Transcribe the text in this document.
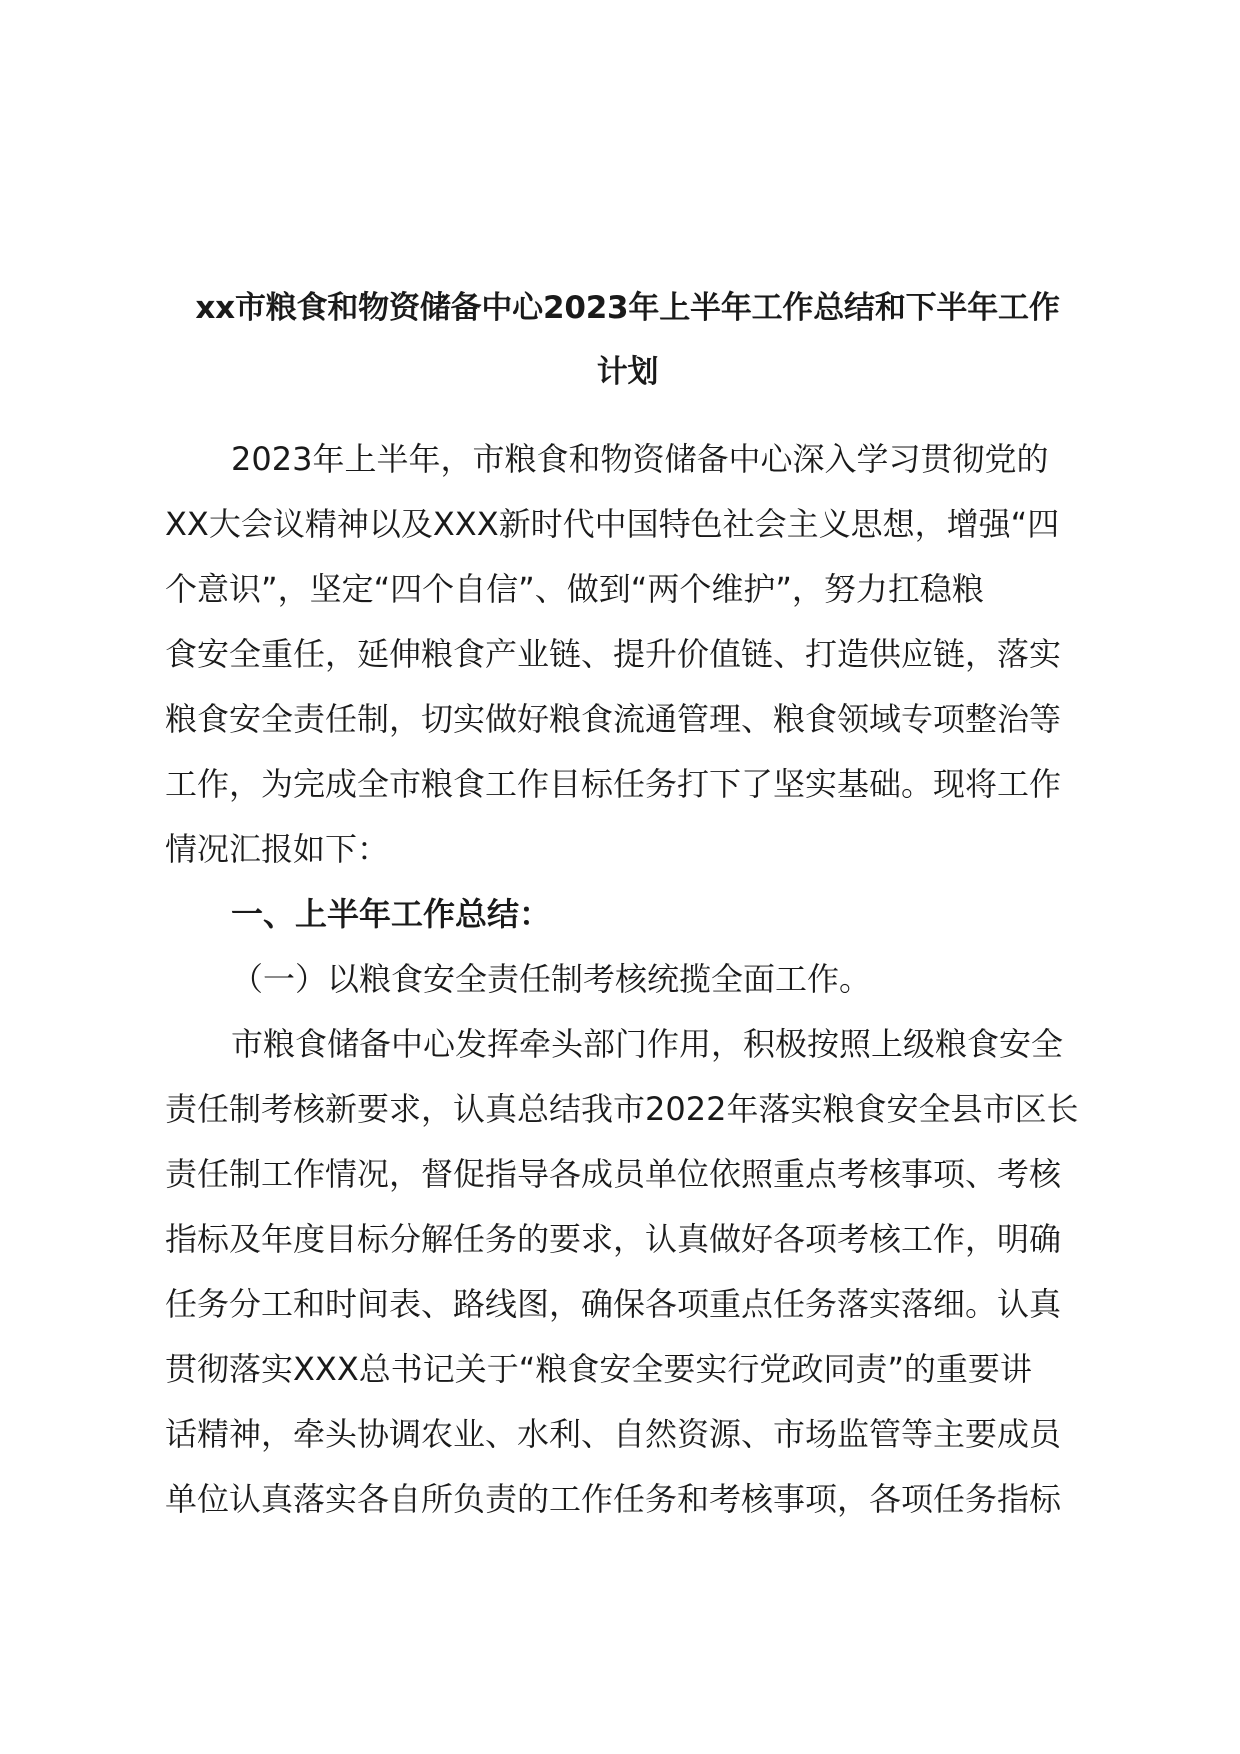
xx市粮食和物资储备中心2023年上半年工作总结和下半年工作
计划

2023年上半年，市粮食和物资储备中心深入学习贯彻党的

XX大会议精神以及XXX新时代中国特色社会主义思想，增强“四

个意识”，坚定“四个自信”、做到“两个维护”，努力扛稳粮

食安全重任，延伸粮食产业链、提升价值链、打造供应链，落实

粮食安全责任制，切实做好粮食流通管理、粮食领域专项整治等

工作，为完成全市粮食工作目标任务打下了坚实基础。现将工作

情况汇报如下：

一、上半年工作总结：

（一）以粮食安全责任制考核统揽全面工作。

市粮食储备中心发挥牵头部门作用，积极按照上级粮食安全

责任制考核新要求，认真总结我市2022年落实粮食安全县市区长

责任制工作情况，督促指导各成员单位依照重点考核事项、考核

指标及年度目标分解任务的要求，认真做好各项考核工作，明确

任务分工和时间表、路线图，确保各项重点任务落实落细。认真

贯彻落实XXX总书记关于“粮食安全要实行党政同责”的重要讲

话精神，牵头协调农业、水利、自然资源、市场监管等主要成员

单位认真落实各自所负责的工作任务和考核事项，各项任务指标
